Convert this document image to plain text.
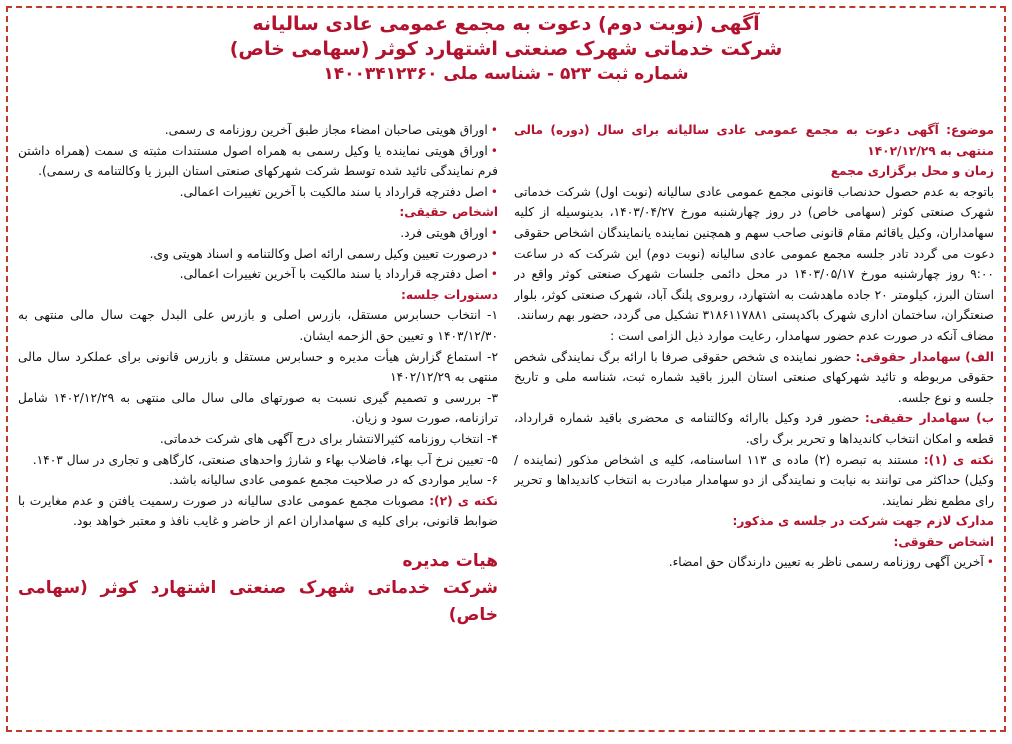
آگهی (نوبت دوم) دعوت به مجمع عمومی عادی سالیانه
شرکت خدماتی شهرک صنعتی اشتهارد کوثر (سهامی خاص)
شماره ثبت ۵۲۳ - شناسه ملی ۱۴۰۰۳۴۱۲۳۶۰

موضوع: آگهی دعوت به مجمع عمومی عادی سالیانه برای سال (دوره) مالی منتهی به ۱۴۰۲/۱۲/۲۹

زمان و محل برگزاری مجمع

باتوجه به عدم حصول حدنصاب قانونی مجمع عمومی عادی سالیانه (نوبت اول) شرکت خدماتی شهرک صنعتی کوثر (سهامی خاص) در روز چهارشنبه مورخ ۱۴۰۳/۰۴/۲۷، بدینوسیله از کلیه سهامداران، وکیل یاقائم مقام قانونی صاحب سهم و همچنین نماینده یانمایندگان اشخاص حقوقی دعوت می گردد تادر جلسه مجمع عمومی عادی سالیانه (نوبت دوم) این شرکت که در ساعت ۹:۰۰ روز چهارشنبه مورخ ۱۴۰۳/۰۵/۱۷ در محل دائمی جلسات شهرک صنعتی کوثر واقع در استان البرز، کیلومتر ۲۰ جاده ماهدشت به اشتهارد، روبروی پلنگ آباد، شهرک صنعتی کوثر، بلوار صنعتگران، ساختمان اداری شهرک باکدپستی ۳۱۸۶۱۱۷۸۸۱ تشکیل می گردد، حضور بهم رسانند.

مضاف آنکه در صورت عدم حضور سهامدار، رعایت موارد ذیل الزامی است :

الف) سهامدار حقوقی: حضور نماینده ی شخص حقوقی صرفا با ارائه برگ نمایندگی شخص حقوقی مربوطه و تائید شهرکهای صنعتی استان البرز باقید شماره ثبت، شناسه ملی و تاریخ جلسه و نوع جلسه.

ب) سهامدار حقیقی: حضور فرد وکیل باارائه وکالتنامه ی محضری باقید شماره قرارداد، قطعه و امکان انتخاب کاندیداها و تحریر برگ رای.

نکته ی (۱): مستند به تبصره (۲) ماده ی ۱۱۳ اساسنامه، کلیه ی اشخاص مذکور (نماینده / وکیل) حداکثر می توانند به نیابت و نمایندگی از دو سهامدار مبادرت به انتخاب کاندیداها و تحریر رای مطمع نظر نمایند.

مدارک لازم جهت شرکت در جلسه ی مذکور:

اشخاص حقوقی:

•آخرین آگهی روزنامه رسمی ناظر به تعیین دارندگان حق امضاء.

•اوراق هویتی صاحبان امضاء مجاز طبق آخرین روزنامه ی رسمی.

•اوراق هویتی نماینده یا وکیل رسمی به همراه اصول مستندات مثبته ی سمت (همراه داشتن فرم نمایندگی تائید شده توسط شرکت شهرکهای صنعتی استان البرز یا وکالتنامه ی رسمی).

•اصل دفترچه قرارداد یا سند مالکیت با آخرین تغییرات اعمالی.

اشخاص حقیقی:

•اوراق هویتی فرد.

•درصورت تعیین وکیل رسمی ارائه اصل وکالتنامه و اسناد هویتی وی.

•اصل دفترچه قرارداد یا سند مالکیت با آخرین تغییرات اعمالی.

دستورات جلسه:

۱- انتخاب حسابرس مستقل، بازرس اصلی و بازرس علی البدل جهت سال مالی منتهی به ۱۴۰۳/۱۲/۳۰ و تعیین حق الزحمه ایشان.

۲- استماع گزارش هیأت مدیره و حسابرس مستقل و بازرس قانونی برای عملکرد سال مالی منتهی به ۱۴۰۲/۱۲/۲۹

۳- بررسی و تصمیم گیری نسبت به صورتهای مالی سال مالی منتهی به ۱۴۰۲/۱۲/۲۹ شامل ترازنامه، صورت سود و زیان.

۴- انتخاب روزنامه کثیرالانتشار برای درج آگهی های شرکت خدماتی.

۵- تعیین نرخ آب بهاء، فاضلاب بهاء و شارژ واحدهای صنعتی، کارگاهی و تجاری در سال ۱۴۰۳.

۶- سایر مواردی که در صلاحیت مجمع عمومی عادی سالیانه باشد.

نکته ی (۲): مصوبات مجمع عمومی عادی سالیانه در صورت رسمیت یافتن و عدم مغایرت با ضوابط قانونی، برای کلیه ی سهامداران اعم از حاضر و غایب نافذ و معتبر خواهد بود.

هیات مدیره
شرکت خدماتی شهرک صنعتی اشتهارد کوثر (سهامی خاص)
